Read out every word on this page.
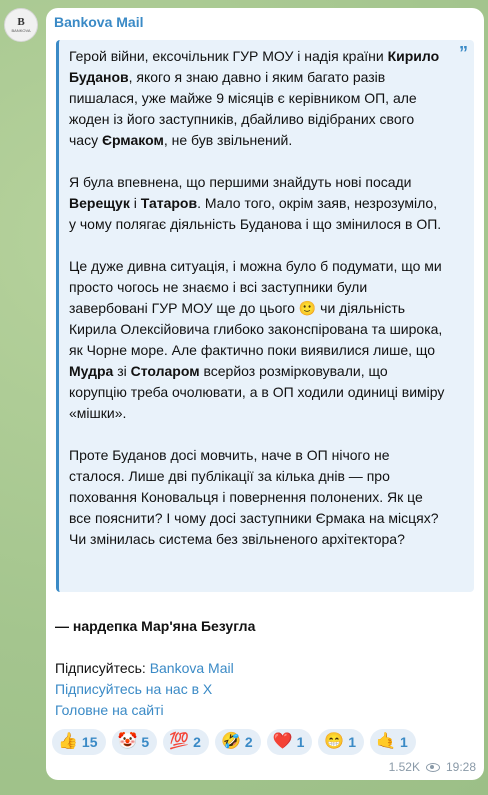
B
BANKOVA
Bankova Mail
”

Герой війни, ексочільник ГУР МОУ і надія країни Кирило Буданов, якого я знаю давно і яким багато разів пишалася, уже майже 9 місяців є керівником ОП, але жоден із його заступників, дбайливо відібраних свого часу Єрмаком, не був звільнений.

Я була впевнена, що першими знайдуть нові посади Верещук і Татаров. Мало того, окрім заяв, незрозуміло, у чому полягає діяльність Буданова і що змінилося в ОП.

Це дуже дивна ситуація, і можна було б подумати, що ми просто чогось не знаємо і всі заступники були завербовані ГУР МОУ ще до цього 🙂 чи діяльність Кирила Олексійовича глибоко законспірована та широка, як Чорне море. Але фактично поки виявилися лише, що Мудра зі Столаром всерйоз розмірковували, що корупцію треба очолювати, а в ОП ходили одиниці виміру «мішки».

Проте Буданов досі мовчить, наче в ОП нічого не сталося. Лише дві публікації за кілька днів — про поховання Коновальця і повернення полонених. Як це все пояснити? І чому досі заступники Єрмака на місцях? Чи змінилась система без звільненого архітектора?

— нардепка Мар'яна Безугла
Підписуйтесь: Bankova Mail
Підписуйтесь на нас в X
Головне на сайті
👍 15 🤡 5 💯 2 🤣 2 ❤️ 1 😁 1 🤙 1
1.52K 19:28
